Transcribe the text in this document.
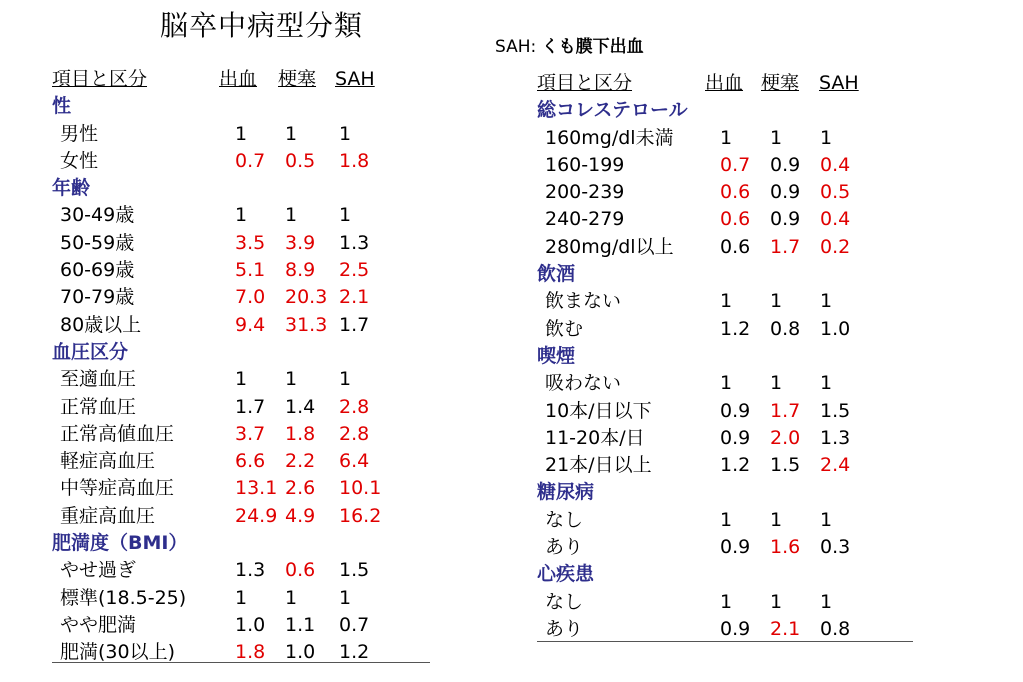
脳卒中病型分類
SAH: くも膜下出血
項目と区分	出血 梗塞 SAH
性
男性	1 1 1
女性	0.7 0.5 1.8
年齢
30-49歳	1 1 1
50-59歳	3.5 3.9 1.3
60-69歳	5.1 8.9 2.5
70-79歳	7.0 20.3 2.1
80歳以上	9.4 31.3 1.7
血圧区分
至適血圧	1 1 1
正常血圧	1.7 1.4 2.8
正常高値血圧	3.7 1.8 2.8
軽症高血圧	6.6 2.2 6.4
中等症高血圧	13.1 2.6 10.1
重症高血圧	24.9 4.9 16.2
肥満度（BMI）
やせ過ぎ	1.3 0.6 1.5
標準(18.5-25)	1 1 1
やや肥満	1.0 1.1 0.7
肥満(30以上)	1.8 1.0 1.2
項目と区分	出血 梗塞 SAH
総コレステロール
160mg/dl未満 1 1 1
160-199	0.7 0.9 0.4
200-239	0.6 0.9 0.5
240-279	0.6 0.9 0.4
280mg/dl以上 0.6 1.7 0.2
飲酒
飲まない	1 1 1
飲む	1.2 0.8 1.0
喫煙
吸わない	1 1 1
10本/日以下	0.9 1.7 1.5
11-20本/日	0.9 2.0 1.3
21本/日以上	1.2 1.5 2.4
糖尿病
なし	1 1 1
あり	0.9 1.6 0.3
心疾患
なし	1 1 1
あり	0.9 2.1 0.8
